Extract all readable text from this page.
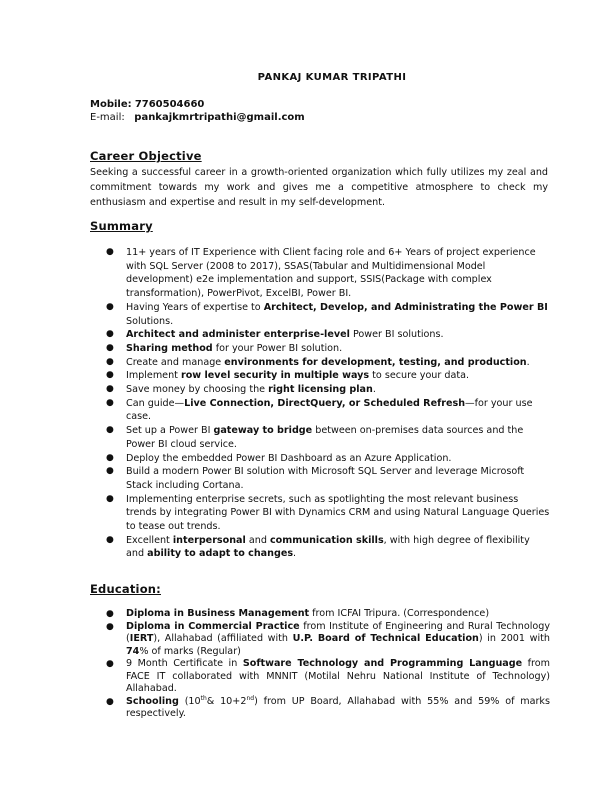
PANKAJ KUMAR TRIPATHI
Mobile: 7760504660
E-mail: pankajkmrtripathi@gmail.com
Career Objective
Seeking a successful career in a growth-oriented organization which fully utilizes my zeal and commitment towards my work and gives me a competitive atmosphere to check my enthusiasm and expertise and result in my self-development.
Summary
● 11+ years of IT Experience with Client facing role and 6+ Years of project experience with SQL Server (2008 to 2017), SSAS(Tabular and Multidimensional Model development) e2e implementation and support, SSIS(Package with complex transformation), PowerPivot, ExcelBI, Power BI.
● Having Years of expertise to Architect, Develop, and Administrating the Power BI Solutions.
● Architect and administer enterprise-level Power BI solutions.
● Sharing method for your Power BI solution.
● Create and manage environments for development, testing, and production.
● Implement row level security in multiple ways to secure your data.
● Save money by choosing the right licensing plan.
● Can guide—Live Connection, DirectQuery, or Scheduled Refresh—for your use case.
● Set up a Power BI gateway to bridge between on-premises data sources and the Power BI cloud service.
● Deploy the embedded Power BI Dashboard as an Azure Application.
● Build a modern Power BI solution with Microsoft SQL Server and leverage Microsoft Stack including Cortana.
● Implementing enterprise secrets, such as spotlighting the most relevant business trends by integrating Power BI with Dynamics CRM and using Natural Language Queries to tease out trends.
● Excellent interpersonal and communication skills, with high degree of flexibility and ability to adapt to changes.
Education:
● Diploma in Business Management from ICFAI Tripura. (Correspondence)
● Diploma in Commercial Practice from Institute of Engineering and Rural Technology (IERT), Allahabad (affiliated with U.P. Board of Technical Education) in 2001 with 74% of marks (Regular)
● 9 Month Certificate in Software Technology and Programming Language from FACE IT collaborated with MNNIT (Motilal Nehru National Institute of Technology) Allahabad.
● Schooling (10th& 10+2nd) from UP Board, Allahabad with 55% and 59% of marks respectively.
